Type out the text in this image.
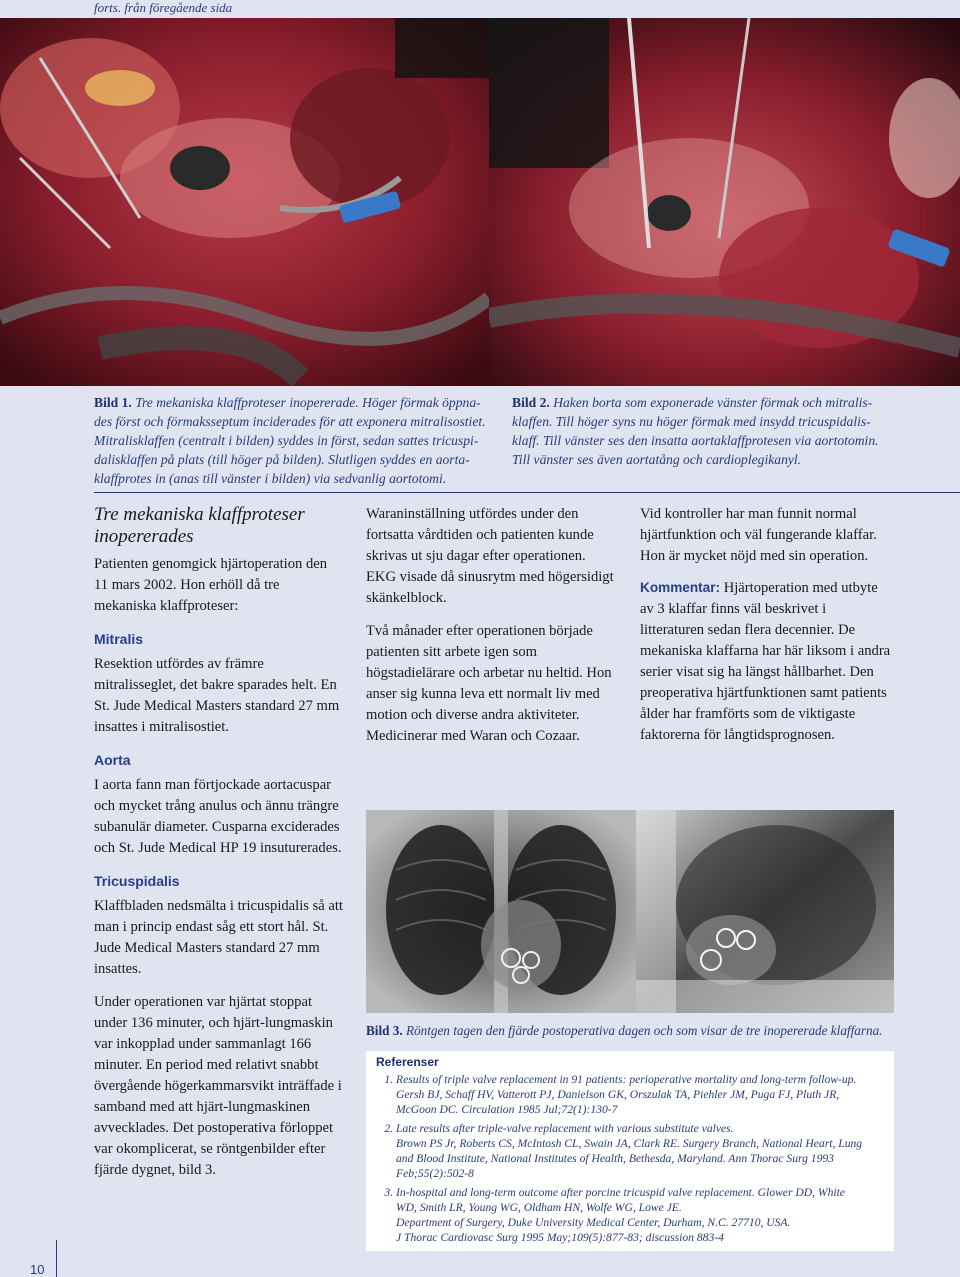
forts. från föregående sida
Bild 1. Tre mekaniska klaffproteser inopererade. Höger förmak öppna-
des först och förmaksseptum inciderades för att exponera mitralisostiet.
Mitralisklaffen (centralt i bilden) syddes in först, sedan sattes tricuspi-
dalisklaffen på plats (till höger på bilden). Slutligen syddes en aorta-
klaffprotes in (anas till vänster i bilden) via sedvanlig aortotomi.
Bild 2. Haken borta som exponerade vänster förmak och mitralis-
klaffen. Till höger syns nu höger förmak med insydd tricuspidalis-
klaff. Till vänster ses den insatta aortaklaffprotesen via aortotomin.
Till vänster ses även aortatång och cardioplegikanyl.
Tre mekaniska klaffproteser inopererades

Patienten genomgick hjärtoperation den 11 mars 2002. Hon erhöll då tre mekaniska klaffproteser:

Mitralis

Resektion utfördes av främre mitralisseglet, det bakre sparades helt. En St. Jude Medical Masters standard 27 mm insattes i mitralisostiet.

Aorta

I aorta fann man förtjockade aortacuspar och mycket trång anulus och ännu trängre subanulär diameter. Cusparna exciderades och St. Jude Medical HP 19 insuturerades.

Tricuspidalis

Klaffbladen nedsmälta i tricuspidalis så att man i princip endast såg ett stort hål. St. Jude Medical Masters standard 27 mm insattes.

Under operationen var hjärtat stoppat under 136 minuter, och hjärt-lungmaskin var inkopplad under sammanlagt 166 minuter. En period med relativt snabbt övergående högerkammarsvikt inträffade i samband med att hjärt-lungmaskinen avvecklades. Det postoperativa förloppet var okomplicerat, se röntgenbilder efter fjärde dygnet, bild 3.

Waraninställning utfördes under den fortsatta vårdtiden och patienten kunde skrivas ut sju dagar efter operationen. EKG visade då sinusrytm med högersidigt skänkelblock.

Två månader efter operationen började patienten sitt arbete igen som högstadielärare och arbetar nu heltid. Hon anser sig kunna leva ett normalt liv med motion och diverse andra aktiviteter. Medicinerar med Waran och Cozaar.

Vid kontroller har man funnit normal hjärtfunktion och väl fungerande klaffar. Hon är mycket nöjd med sin operation.

Kommentar: Hjärtoperation med utbyte av 3 klaffar finns väl beskrivet i litteraturen sedan flera decennier. De mekaniska klaffarna har här liksom i andra serier visat sig ha längst hållbarhet. Den preoperativa hjärtfunktionen samt patients ålder har framförts som de viktigaste faktorerna för långtidsprognosen.

Bild 3. Röntgen tagen den fjärde postoperativa dagen och som visar de tre inopererade klaffarna.
Referenser
1. Results of triple valve replacement in 91 patients: perioperative mortality and long-term follow-up.
Gersh BJ, Schaff HV, Vatterott PJ, Danielson GK, Orszulak TA, Piehler JM, Puga FJ, Pluth JR,
McGoon DC. Circulation 1985 Jul;72(1):130-7
2. Late results after triple-valve replacement with various substitute valves.
Brown PS Jr, Roberts CS, McIntosh CL, Swain JA, Clark RE. Surgery Branch, National Heart, Lung
and Blood Institute, National Institutes of Health, Bethesda, Maryland. Ann Thorac Surg 1993
Feb;55(2):502-8
3. In-hospital and long-term outcome after porcine tricuspid valve replacement. Glower DD, White
WD, Smith LR, Young WG, Oldham HN, Wolfe WG, Lowe JE.
Department of Surgery, Duke University Medical Center, Durham, N.C. 27710, USA.
J Thorac Cardiovasc Surg 1995 May;109(5):877-83; discussion 883-4
10
